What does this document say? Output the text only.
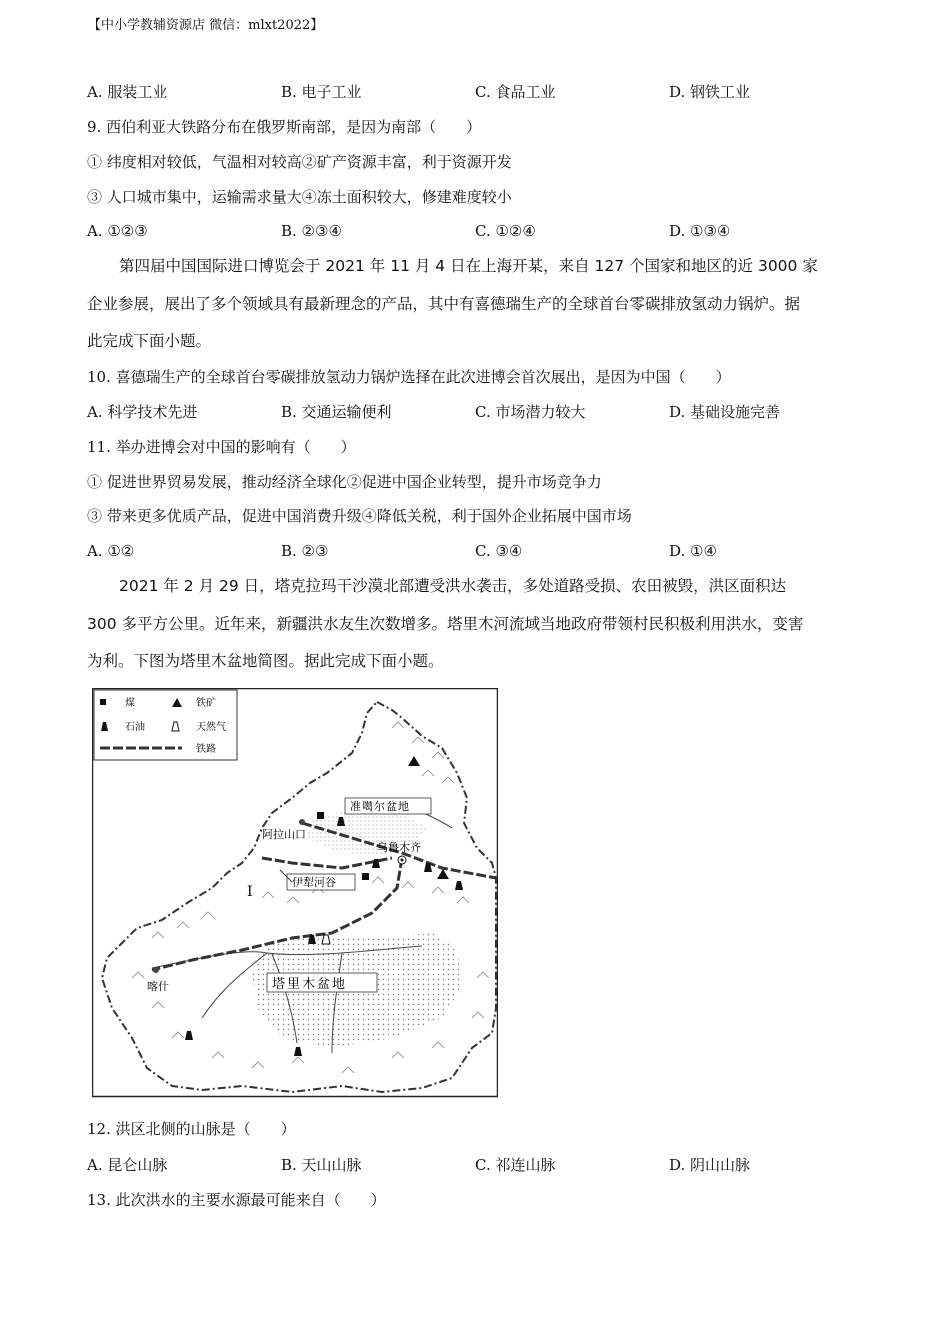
【中小学教辅资源店 微信：mlxt2022】
A. 服装工业	B. 电子工业	C. 食品工业	D. 钢铁工业
9. 西伯利亚大铁路分布在俄罗斯南部，是因为南部（　　）
① 纬度相对较低，气温相对较高②矿产资源丰富，利于资源开发
③ 人口城市集中，运输需求量大④冻土面积较大，修建难度较小
A. ①②③	B. ②③④	C. ①②④	D. ①③④
第四届中国国际进口博览会于 2021 年 11 月 4 日在上海开某，来自 127 个国家和地区的近 3000 家
企业参展，展出了多个领域具有最新理念的产品，其中有喜德瑞生产的全球首台零碳排放氢动力锅炉。据
此完成下面小题。
10. 喜德瑞生产的全球首台零碳排放氢动力锅炉选择在此次进博会首次展出，是因为中国（　　）
A. 科学技术先进	B. 交通运输便利	C. 市场潜力较大	D. 基础设施完善
11. 举办进博会对中国的影响有（　　）
① 促进世界贸易发展，推动经济全球化②促进中国企业转型，提升市场竞争力
③ 带来更多优质产品，促进中国消费升级④降低关税，利于国外企业拓展中国市场
A. ①②	B. ②③	C. ③④	D. ①④
2021 年 2 月 29 日，塔克拉玛干沙漠北部遭受洪水袭击，多处道路受损、农田被毁，洪区面积达
300 多平方公里。近年来，新疆洪水友生次数增多。塔里木河流域当地政府带领村民积极利用洪水，变害
为利。下图为塔里木盆地简图。据此完成下面小题。
煤	铁矿
石油	天然气
铁路
准噶尔盆地
阿拉山口
乌鲁木齐
伊犁河谷
I
塔里木盆地
喀什
12. 洪区北侧的山脉是（　　）
A. 昆仑山脉	B. 天山山脉	C. 祁连山脉	D. 阴山山脉
13. 此次洪水的主要水源最可能来自（　　）
